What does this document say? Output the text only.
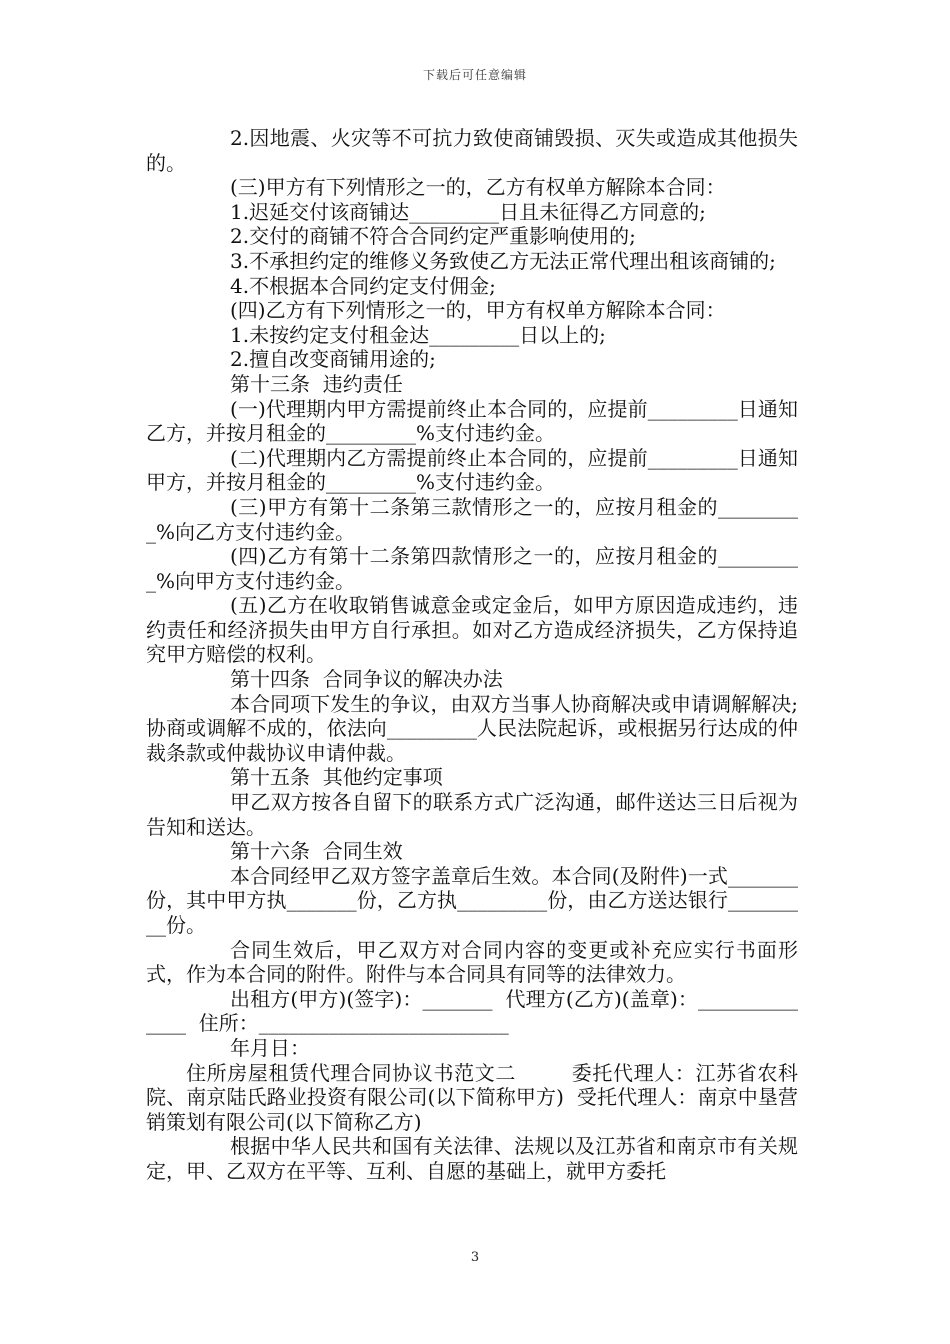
下载后可任意编辑

2.因地震、火灾等不可抗力致使商铺毁损、灭失或造成其他损失的。

(三)甲方有下列情形之一的，乙方有权单方解除本合同：

1.迟延交付该商铺达_________日且未征得乙方同意的;

2.交付的商铺不符合合同约定严重影响使用的;

3.不承担约定的维修义务致使乙方无法正常代理出租该商铺的;

4.不根据本合同约定支付佣金;

(四)乙方有下列情形之一的，甲方有权单方解除本合同：

1.未按约定支付租金达_________日以上的;

2.擅自改变商铺用途的;

第十三条  违约责任

(一)代理期内甲方需提前终止本合同的，应提前_________日通知乙方，并按月租金的_________%支付违约金。

(二)代理期内乙方需提前终止本合同的，应提前_________日通知甲方，并按月租金的_________%支付违约金。

(三)甲方有第十二条第三款情形之一的，应按月租金的_________%向乙方支付违约金。

(四)乙方有第十二条第四款情形之一的，应按月租金的_________%向甲方支付违约金。

(五)乙方在收取销售诚意金或定金后，如甲方原因造成违约，违约责任和经济损失由甲方自行承担。如对乙方造成经济损失，乙方保持追究甲方赔偿的权利。

第十四条  合同争议的解决办法

本合同项下发生的争议，由双方当事人协商解决或申请调解解决;协商或调解不成的，依法向_________人民法院起诉，或根据另行达成的仲裁条款或仲裁协议申请仲裁。

第十五条  其他约定事项

甲乙双方按各自留下的联系方式广泛沟通，邮件送达三日后视为告知和送达。

第十六条  合同生效

本合同经甲乙双方签字盖章后生效。本合同(及附件)一式_______份，其中甲方执_______份，乙方执_________份，由乙方送达银行_________份。

合同生效后，甲乙双方对合同内容的变更或补充应实行书面形式，作为本合同的附件。附件与本合同具有同等的法律效力。

出租方(甲方)(签字)：_______  代理方(乙方)(盖章)：______________  住所：_________________________

年月日：

住所房屋租赁代理合同协议书范文二        委托代理人：江苏省农科院、南京陆氏路业投资有限公司(以下简称甲方)  受托代理人：南京中垦营销策划有限公司(以下简称乙方)

根据中华人民共和国有关法律、法规以及江苏省和南京市有关规定，甲、乙双方在平等、互利、自愿的基础上，就甲方委托

3
